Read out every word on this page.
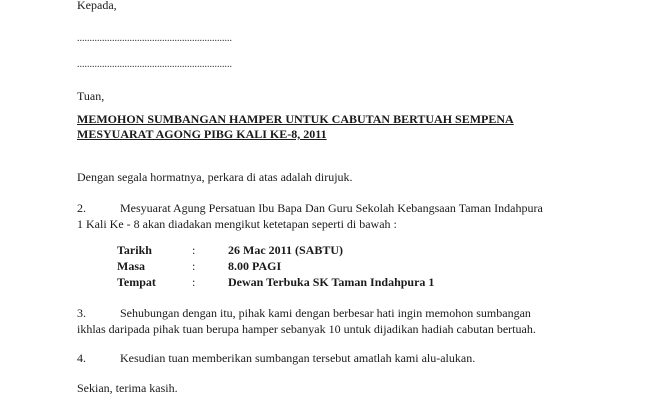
Kepada,
..............................................................
..............................................................
Tuan,
MEMOHON SUMBANGAN HAMPER UNTUK CABUTAN BERTUAH SEMPENA
MESYUARAT AGONG PIBG KALI KE-8, 2011
Dengan segala hormatnya, perkara di atas adalah dirujuk.
2.	Mesyuarat Agung Persatuan Ibu Bapa Dan Guru Sekolah Kebangsaan Taman Indahpura
1 Kali Ke - 8 akan diadakan mengikut ketetapan seperti di bawah :
Tarikh	:	26 Mac 2011 (SABTU)
Masa	:	8.00 PAGI
Tempat	:	Dewan Terbuka SK Taman Indahpura 1
3.	Sehubungan dengan itu, pihak kami dengan berbesar hati ingin memohon sumbangan
ikhlas daripada pihak tuan berupa hamper sebanyak 10 untuk dijadikan hadiah cabutan bertuah.
4.	Kesudian tuan memberikan sumbangan tersebut amatlah kami alu-alukan.
Sekian, terima kasih.
